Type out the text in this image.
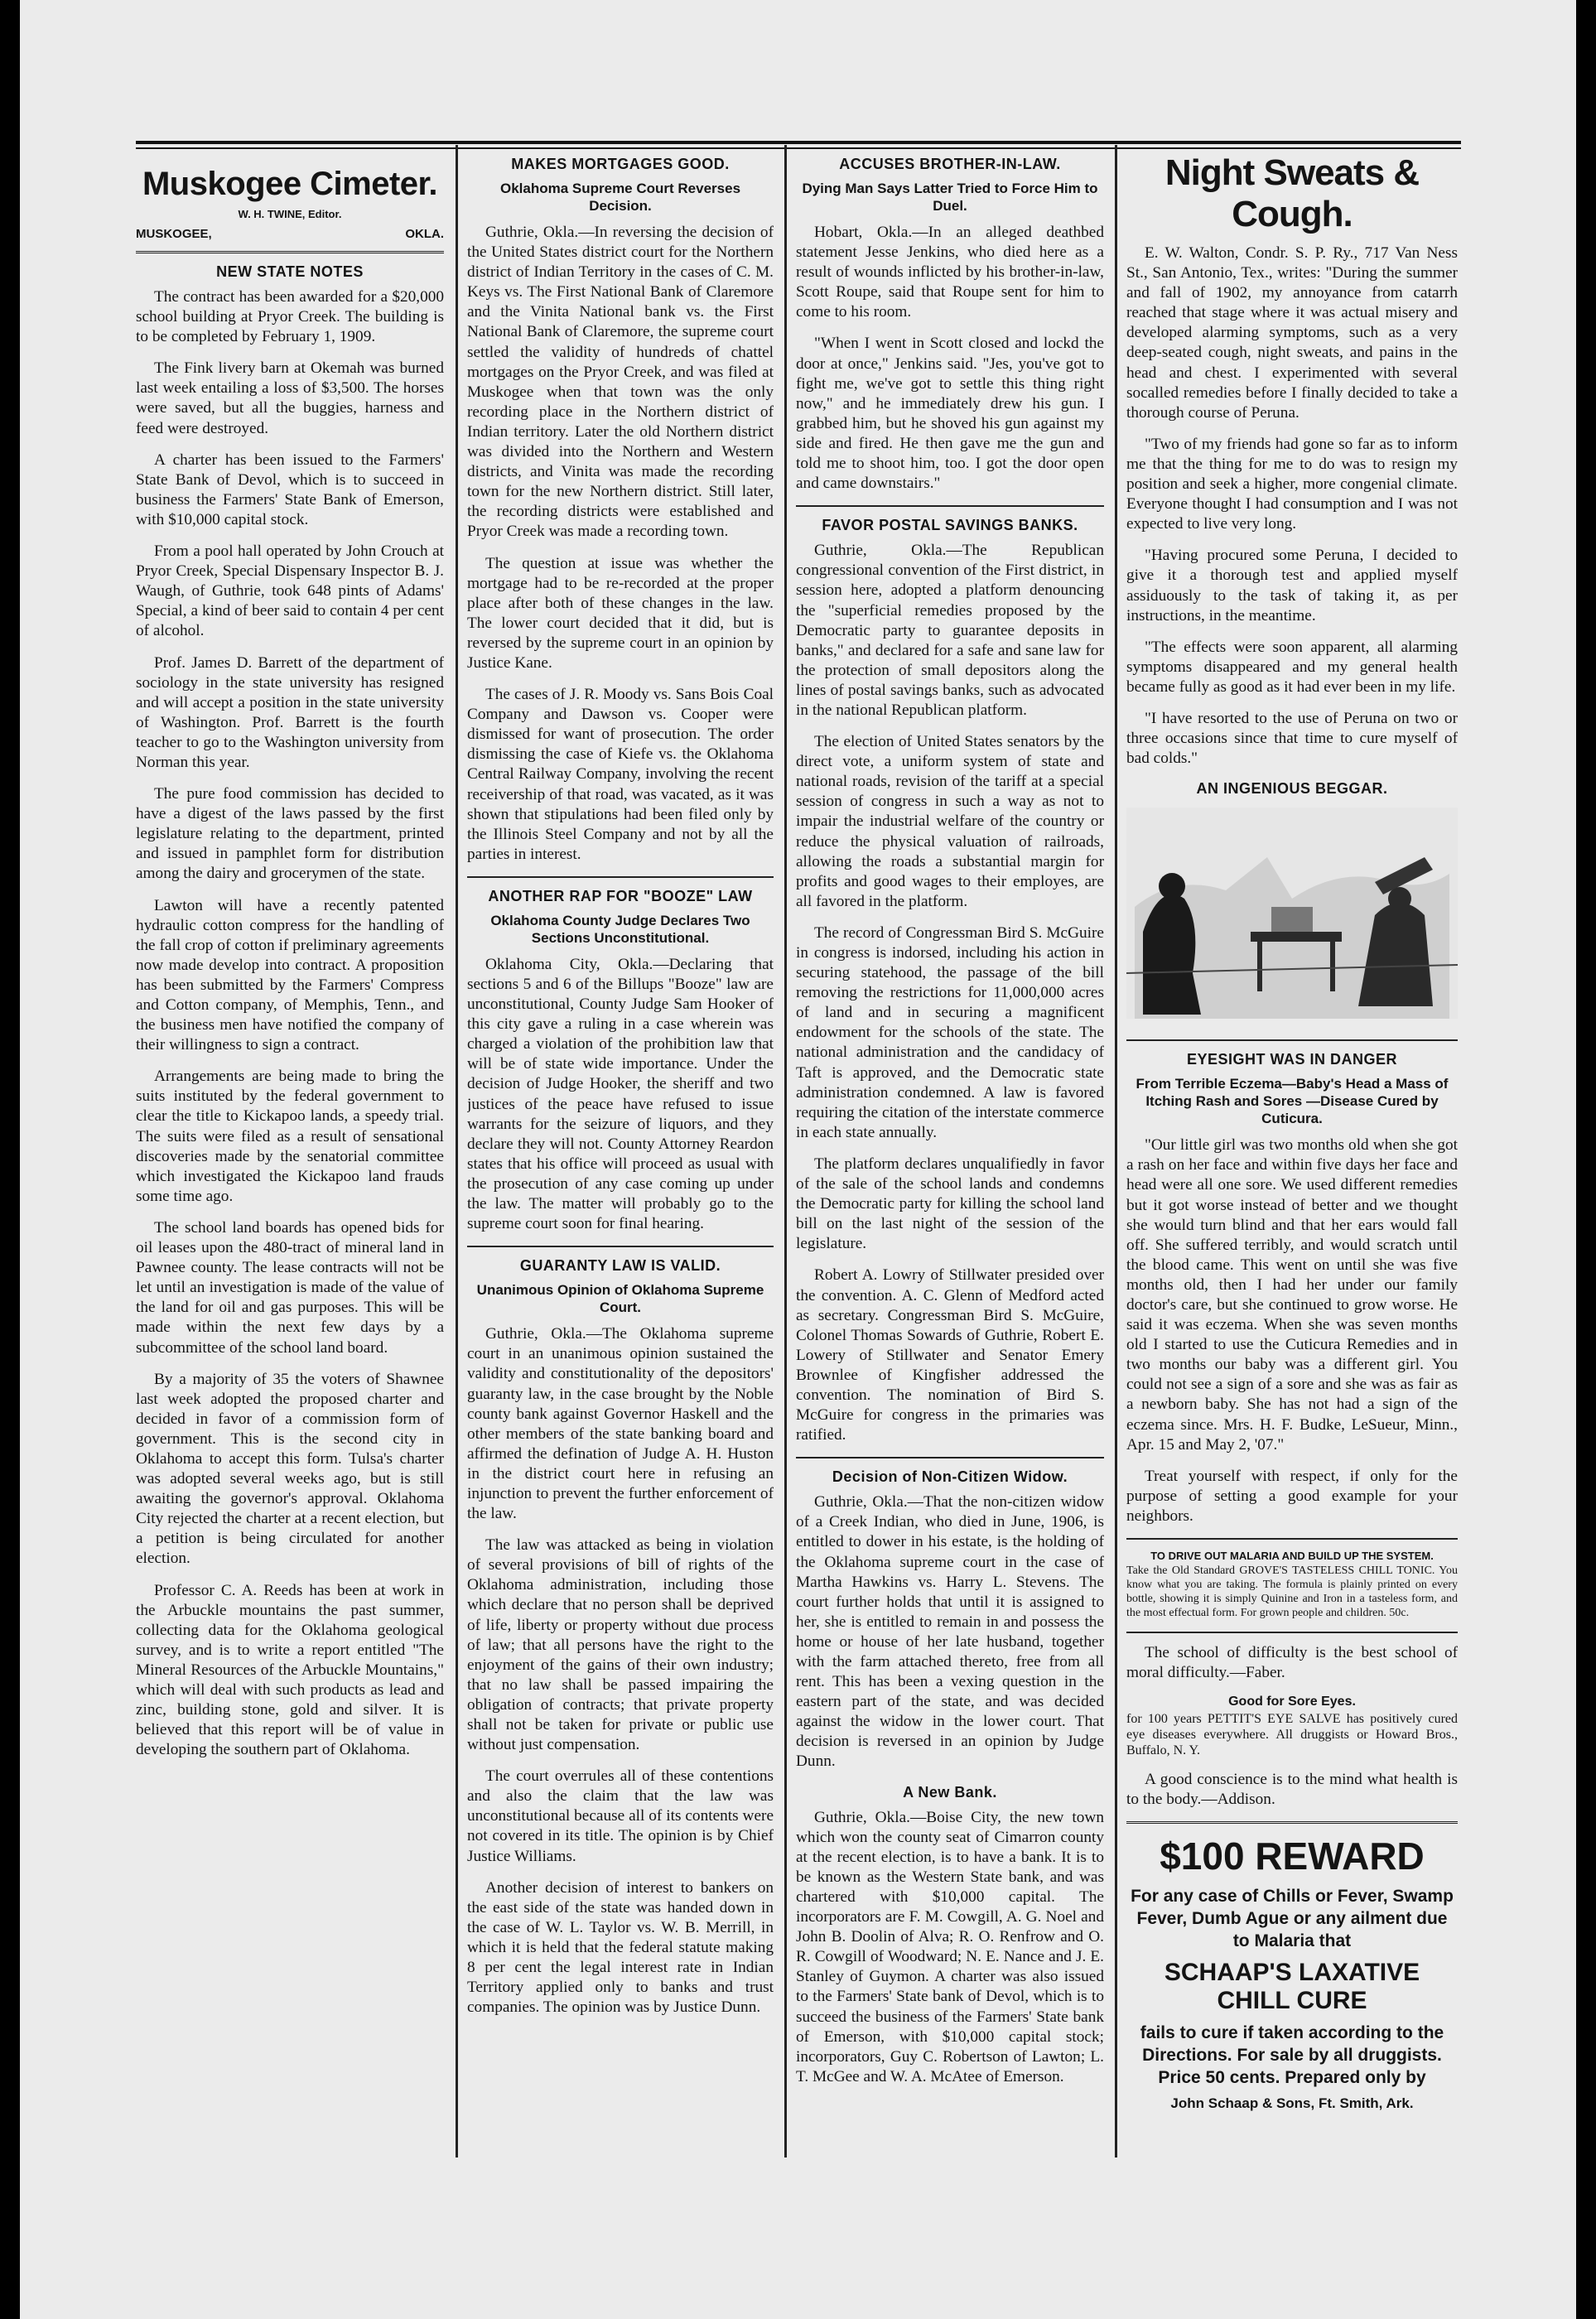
Muskogee Cimeter.
W. H. TWINE, Editor.
MUSKOGEE,	OKLA.
NEW STATE NOTES

The contract has been awarded for a $20,000 school building at Pryor Creek. The building is to be completed by February 1, 1909.

The Fink livery barn at Okemah was burned last week entailing a loss of $3,500. The horses were saved, but all the buggies, harness and feed were destroyed.

A charter has been issued to the Farmers' State Bank of Devol, which is to succeed in business the Farmers' State Bank of Emerson, with $10,000 capital stock.

From a pool hall operated by John Crouch at Pryor Creek, Special Dispensary Inspector B. J. Waugh, of Guthrie, took 648 pints of Adams' Special, a kind of beer said to contain 4 per cent of alcohol.

Prof. James D. Barrett of the department of sociology in the state university has resigned and will accept a position in the state university of Washington. Prof. Barrett is the fourth teacher to go to the Washington university from Norman this year.

The pure food commission has decided to have a digest of the laws passed by the first legislature relating to the department, printed and issued in pamphlet form for distribution among the dairy and grocerymen of the state.

Lawton will have a recently patented hydraulic cotton compress for the handling of the fall crop of cotton if preliminary agreements now made develop into contract. A proposition has been submitted by the Farmers' Compress and Cotton company, of Memphis, Tenn., and the business men have notified the company of their willingness to sign a contract.

Arrangements are being made to bring the suits instituted by the federal government to clear the title to Kickapoo lands, a speedy trial. The suits were filed as a result of sensational discoveries made by the senatorial committee which investigated the Kickapoo land frauds some time ago.

The school land boards has opened bids for oil leases upon the 480-tract of mineral land in Pawnee county. The lease contracts will not be let until an investigation is made of the value of the land for oil and gas purposes. This will be made within the next few days by a subcommittee of the school land board.

By a majority of 35 the voters of Shawnee last week adopted the proposed charter and decided in favor of a commission form of government. This is the second city in Oklahoma to accept this form. Tulsa's charter was adopted several weeks ago, but is still awaiting the governor's approval. Oklahoma City rejected the charter at a recent election, but a petition is being circulated for another election.

Professor C. A. Reeds has been at work in the Arbuckle mountains the past summer, collecting data for the Oklahoma geological survey, and is to write a report entitled "The Mineral Resources of the Arbuckle Mountains," which will deal with such products as lead and zinc, building stone, gold and silver. It is believed that this report will be of value in developing the southern part of Oklahoma.

MAKES MORTGAGES GOOD.
Oklahoma Supreme Court Reverses Decision.

Guthrie, Okla.—In reversing the decision of the United States district court for the Northern district of Indian Territory in the cases of C. M. Keys vs. The First National Bank of Claremore and the Vinita National bank vs. the First National Bank of Claremore, the supreme court settled the validity of hundreds of chattel mortgages on the Pryor Creek, and was filed at Muskogee when that town was the only recording place in the Northern district of Indian territory. Later the old Northern district was divided into the Northern and Western districts, and Vinita was made the recording town for the new Northern district. Still later, the recording districts were established and Pryor Creek was made a recording town.

The question at issue was whether the mortgage had to be re-recorded at the proper place after both of these changes in the law. The lower court decided that it did, but is reversed by the supreme court in an opinion by Justice Kane.

The cases of J. R. Moody vs. Sans Bois Coal Company and Dawson vs. Cooper were dismissed for want of prosecution. The order dismissing the case of Kiefe vs. the Oklahoma Central Railway Company, involving the recent receivership of that road, was vacated, as it was shown that stipulations had been filed only by the Illinois Steel Company and not by all the parties in interest.

ANOTHER RAP FOR "BOOZE" LAW
Oklahoma County Judge Declares Two Sections Unconstitutional.

Oklahoma City, Okla.—Declaring that sections 5 and 6 of the Billups "Booze" law are unconstitutional, County Judge Sam Hooker of this city gave a ruling in a case wherein was charged a violation of the prohibition law that will be of state wide importance. Under the decision of Judge Hooker, the sheriff and two justices of the peace have refused to issue warrants for the seizure of liquors, and they declare they will not. County Attorney Reardon states that his office will proceed as usual with the prosecution of any case coming up under the law. The matter will probably go to the supreme court soon for final hearing.

GUARANTY LAW IS VALID.
Unanimous Opinion of Oklahoma Supreme Court.

Guthrie, Okla.—The Oklahoma supreme court in an unanimous opinion sustained the validity and constitutionality of the depositors' guaranty law, in the case brought by the Noble county bank against Governor Haskell and the other members of the state banking board and affirmed the defination of Judge A. H. Huston in the district court here in refusing an injunction to prevent the further enforcement of the law.

The law was attacked as being in violation of several provisions of bill of rights of the Oklahoma administration, including those which declare that no person shall be deprived of life, liberty or property without due process of law; that all persons have the right to the enjoyment of the gains of their own industry; that no law shall be passed impairing the obligation of contracts; that private property shall not be taken for private or public use without just compensation.

The court overrules all of these contentions and also the claim that the law was unconstitutional because all of its contents were not covered in its title. The opinion is by Chief Justice Williams.

Another decision of interest to bankers on the east side of the state was handed down in the case of W. L. Taylor vs. W. B. Merrill, in which it is held that the federal statute making 8 per cent the legal interest rate in Indian Territory applied only to banks and trust companies. The opinion was by Justice Dunn.

ACCUSES BROTHER-IN-LAW.
Dying Man Says Latter Tried to Force Him to Duel.

Hobart, Okla.—In an alleged deathbed statement Jesse Jenkins, who died here as a result of wounds inflicted by his brother-in-law, Scott Roupe, said that Roupe sent for him to come to his room.

"When I went in Scott closed and lockd the door at once," Jenkins said. "Jes, you've got to fight me, we've got to settle this thing right now," and he immediately drew his gun. I grabbed him, but he shoved his gun against my side and fired. He then gave me the gun and told me to shoot him, too. I got the door open and came downstairs."

FAVOR POSTAL SAVINGS BANKS.

Guthrie, Okla.—The Republican congressional convention of the First district, in session here, adopted a platform denouncing the "superficial remedies proposed by the Democratic party to guarantee deposits in banks," and declared for a safe and sane law for the protection of small depositors along the lines of postal savings banks, such as advocated in the national Republican platform.

The election of United States senators by the direct vote, a uniform system of state and national roads, revision of the tariff at a special session of congress in such a way as not to impair the industrial welfare of the country or reduce the physical valuation of railroads, allowing the roads a substantial margin for profits and good wages to their employes, are all favored in the platform.

The record of Congressman Bird S. McGuire in congress is indorsed, including his action in securing statehood, the passage of the bill removing the restrictions for 11,000,000 acres of land and in securing a magnificent endowment for the schools of the state. The national administration and the candidacy of Taft is approved, and the Democratic state administration condemned. A law is favored requiring the citation of the interstate commerce in each state annually.

The platform declares unqualifiedly in favor of the sale of the school lands and condemns the Democratic party for killing the school land bill on the last night of the session of the legislature.

Robert A. Lowry of Stillwater presided over the convention. A. C. Glenn of Medford acted as secretary. Congressman Bird S. McGuire, Colonel Thomas Sowards of Guthrie, Robert E. Lowery of Stillwater and Senator Emery Brownlee of Kingfisher addressed the convention. The nomination of Bird S. McGuire for congress in the primaries was ratified.

Decision of Non-Citizen Widow.

Guthrie, Okla.—That the non-citizen widow of a Creek Indian, who died in June, 1906, is entitled to dower in his estate, is the holding of the Oklahoma supreme court in the case of Martha Hawkins vs. Harry L. Stevens. The court further holds that until it is assigned to her, she is entitled to remain in and possess the home or house of her late husband, together with the farm attached thereto, free from all rent. This has been a vexing question in the eastern part of the state, and was decided against the widow in the lower court. That decision is reversed in an opinion by Judge Dunn.

A New Bank.

Guthrie, Okla.—Boise City, the new town which won the county seat of Cimarron county at the recent election, is to have a bank. It is to be known as the Western State bank, and was chartered with $10,000 capital. The incorporators are F. M. Cowgill, A. G. Noel and John B. Doolin of Alva; R. O. Renfrow and O. R. Cowgill of Woodward; N. E. Nance and J. E. Stanley of Guymon. A charter was also issued to the Farmers' State bank of Devol, which is to succeed the business of the Farmers' State bank of Emerson, with $10,000 capital stock; incorporators, Guy C. Robertson of Lawton; L. T. McGee and W. A. McAtee of Emerson.

Night Sweats & Cough.

E. W. Walton, Condr. S. P. Ry., 717 Van Ness St., San Antonio, Tex., writes: "During the summer and fall of 1902, my annoyance from catarrh reached that stage where it was actual misery and developed alarming symptoms, such as a very deep-seated cough, night sweats, and pains in the head and chest. I experimented with several socalled remedies before I finally decided to take a thorough course of Peruna.

"Two of my friends had gone so far as to inform me that the thing for me to do was to resign my position and seek a higher, more congenial climate. Everyone thought I had consumption and I was not expected to live very long.

"Having procured some Peruna, I decided to give it a thorough test and applied myself assiduously to the task of taking it, as per instructions, in the meantime.

"The effects were soon apparent, all alarming symptoms disappeared and my general health became fully as good as it had ever been in my life.

"I have resorted to the use of Peruna on two or three occasions since that time to cure myself of bad colds."

AN INGENIOUS BEGGAR.
EYESIGHT WAS IN DANGER
From Terrible Eczema—Baby's Head a Mass of Itching Rash and Sores —Disease Cured by Cuticura.

"Our little girl was two months old when she got a rash on her face and within five days her face and head were all one sore. We used different remedies but it got worse instead of better and we thought she would turn blind and that her ears would fall off. She suffered terribly, and would scratch until the blood came. This went on until she was five months old, then I had her under our family doctor's care, but she continued to grow worse. He said it was eczema. When she was seven months old I started to use the Cuticura Remedies and in two months our baby was a different girl. You could not see a sign of a sore and she was as fair as a newborn baby. She has not had a sign of the eczema since. Mrs. H. F. Budke, LeSueur, Minn., Apr. 15 and May 2, '07."

Treat yourself with respect, if only for the purpose of setting a good example for your neighbors.

TO DRIVE OUT MALARIA AND BUILD UP THE SYSTEM.

Take the Old Standard GROVE'S TASTELESS CHILL TONIC. You know what you are taking. The formula is plainly printed on every bottle, showing it is simply Quinine and Iron in a tasteless form, and the most effectual form. For grown people and children. 50c.

The school of difficulty is the best school of moral difficulty.—Faber.

Good for Sore Eyes.

for 100 years PETTIT'S EYE SALVE has positively cured eye diseases everywhere. All druggists or Howard Bros., Buffalo, N. Y.

A good conscience is to the mind what health is to the body.—Addison.

$100 REWARD
For any case of Chills or Fever, Swamp Fever, Dumb Ague or any ailment due to Malaria that
SCHAAP'S LAXATIVE CHILL CURE
fails to cure if taken according to the Directions. For sale by all druggists. Price 50 cents. Prepared only by
John Schaap & Sons, Ft. Smith, Ark.
